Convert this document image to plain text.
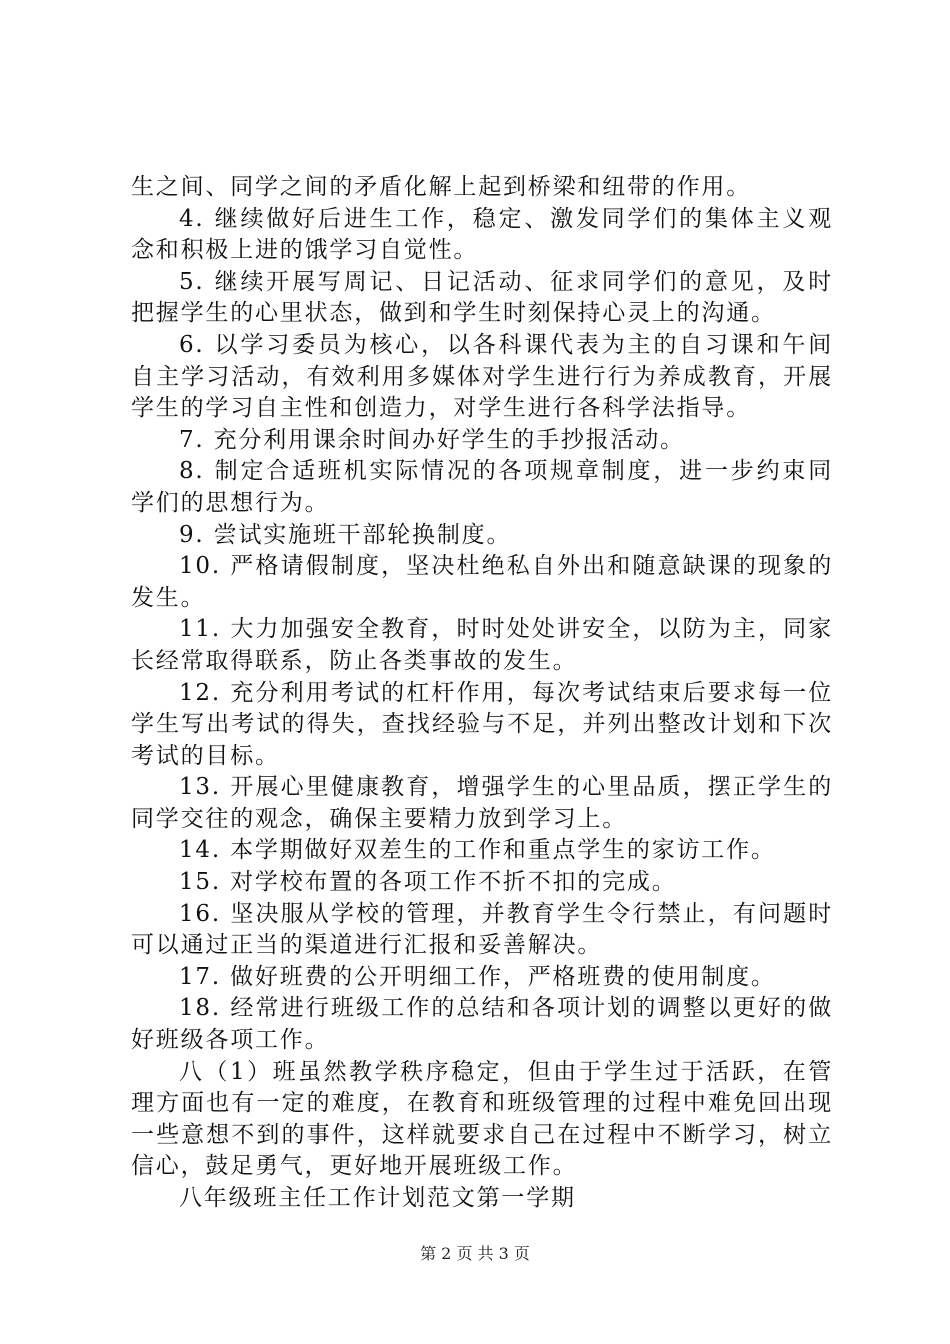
生之间、同学之间的矛盾化解上起到桥梁和纽带的作用。

4. 继续做好后进生工作，稳定、激发同学们的集体主义观念和积极上进的饿学习自觉性。

5. 继续开展写周记、日记活动、征求同学们的意见，及时把握学生的心里状态，做到和学生时刻保持心灵上的沟通。

6. 以学习委员为核心，以各科课代表为主的自习课和午间自主学习活动，有效利用多媒体对学生进行行为养成教育，开展学生的学习自主性和创造力，对学生进行各科学法指导。

7. 充分利用课余时间办好学生的手抄报活动。

8. 制定合适班机实际情况的各项规章制度，进一步约束同学们的思想行为。

9. 尝试实施班干部轮换制度。

10. 严格请假制度，坚决杜绝私自外出和随意缺课的现象的发生。

11. 大力加强安全教育，时时处处讲安全，以防为主，同家长经常取得联系，防止各类事故的发生。

12. 充分利用考试的杠杆作用，每次考试结束后要求每一位学生写出考试的得失，查找经验与不足，并列出整改计划和下次考试的目标。

13. 开展心里健康教育，增强学生的心里品质，摆正学生的同学交往的观念，确保主要精力放到学习上。

14. 本学期做好双差生的工作和重点学生的家访工作。

15. 对学校布置的各项工作不折不扣的完成。

16. 坚决服从学校的管理，并教育学生令行禁止，有问题时可以通过正当的渠道进行汇报和妥善解决。

17. 做好班费的公开明细工作，严格班费的使用制度。

18. 经常进行班级工作的总结和各项计划的调整以更好的做好班级各项工作。

八（1）班虽然教学秩序稳定，但由于学生过于活跃，在管理方面也有一定的难度，在教育和班级管理的过程中难免回出现一些意想不到的事件，这样就要求自己在过程中不断学习，树立信心，鼓足勇气，更好地开展班级工作。

八年级班主任工作计划范文第一学期

第 2 页 共 3 页
